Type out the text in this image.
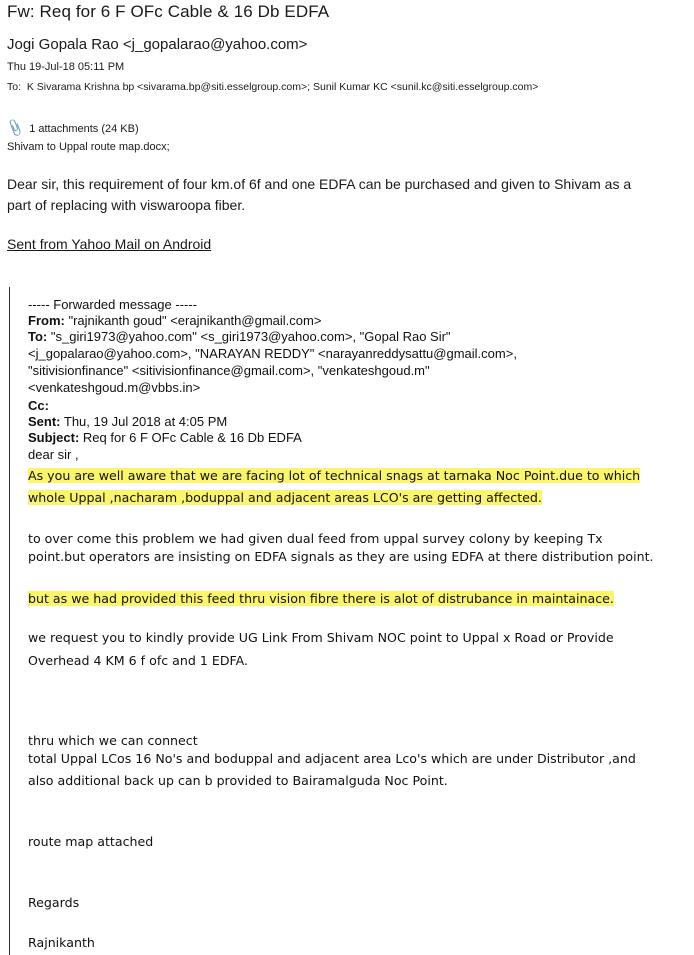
Fw: Req for 6 F OFc Cable & 16 Db EDFA
Jogi Gopala Rao <j_gopalarao@yahoo.com>
Thu 19-Jul-18 05:11 PM
To: K Sivarama Krishna bp <sivarama.bp@siti.esselgroup.com>; Sunil Kumar KC <sunil.kc@siti.esselgroup.com>
📎 1 attachments (24 KB)
Shivam to Uppal route map.docx;
Dear sir, this requirement of four km.of 6f and one EDFA can be purchased and given to Shivam as a
part of replacing with viswaroopa fiber.
Sent from Yahoo Mail on Android
----- Forwarded message -----
From: "rajnikanth goud" <erajnikanth@gmail.com>
To: "s_giri1973@yahoo.com" <s_giri1973@yahoo.com>, "Gopal Rao Sir"
<j_gopalarao@yahoo.com>, "NARAYAN REDDY" <narayanreddysattu@gmail.com>,
"sitivisionfinance" <sitivisionfinance@gmail.com>, "venkateshgoud.m"
<venkateshgoud.m@vbbs.in>
Cc:
Sent: Thu, 19 Jul 2018 at 4:05 PM
Subject: Req for 6 F OFc Cable & 16 Db EDFA
dear sir ,
As you are well aware that we are facing lot of technical snags at tarnaka Noc Point.due to which
whole Uppal ,nacharam ,boduppal and adjacent areas LCO's are getting affected.
to over come this problem we had given dual feed from uppal survey colony by keeping Tx
point.but operators are insisting on EDFA signals as they are using EDFA at there distribution point.
but as we had provided this feed thru vision fibre there is alot of distrubance in maintainace.
we request you to kindly provide UG Link From Shivam NOC point to Uppal x Road or Provide
Overhead 4 KM 6 f ofc and 1 EDFA.
thru which we can connect
total Uppal LCos 16 No's and boduppal and adjacent area Lco's which are under Distributor ,and
also additional back up can b provided to Bairamalguda Noc Point.
route map attached
Regards
Rajnikanth
